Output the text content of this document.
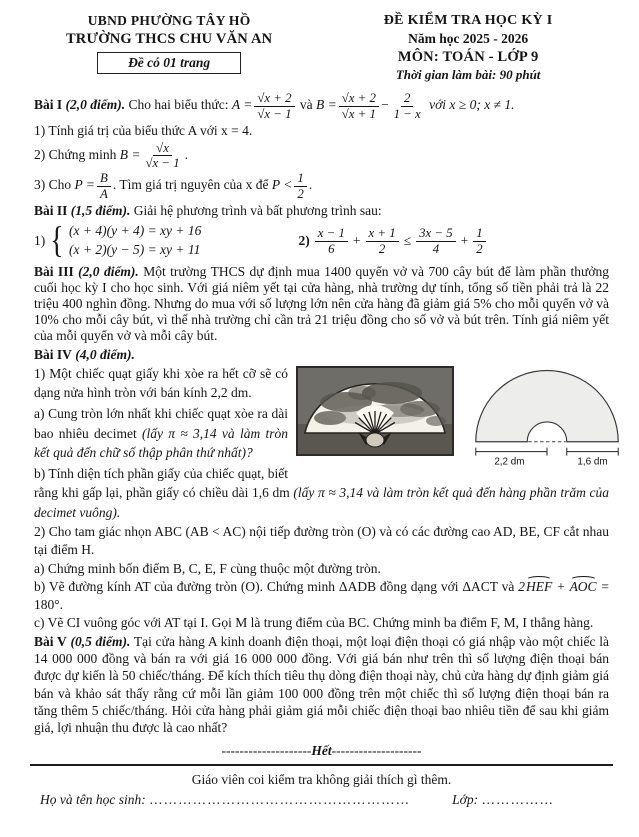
UBND PHƯỜNG TÂY HỒ
TRƯỜNG THCS CHU VĂN AN
Đề có 01 trang
ĐỀ KIỂM TRA HỌC KỲ I
Năm học 2025 - 2026
MÔN: TOÁN - LỚP 9
Thời gian làm bài: 90 phút

Bài I (2,0 điểm). Cho hai biểu thức: $A = \frac{√x + 2}{√x - 1}$ và $B = \frac{√x + 2}{√x + 1} - \frac{2}{1 - x}$ với x ≥ 0; x ≠ 1.

1) Tính giá trị của biểu thức A với x = 4.

2) Chứng minh $B = \frac{√x}{√x - 1}$ .

3) Cho $P = \frac{B}{A}$ . Tìm giá trị nguyên của x để $P < \frac{1}{2}$ .

Bài II (1,5 điểm). Giải hệ phương trình và bất phương trình sau:

1) { (x + 4)(y + 4) = xy + 16
(x + 2)(y − 5) = xy + 11
$2) \frac{x - 1}{6} + \frac{x + 1}{2} \le \frac{3x - 5}{4} + \frac{1}{2}$

Bài III (2,0 điểm). Một trường THCS dự định mua 1400 quyển vở và 700 cây bút để làm phần thưởng cuối học kỳ I cho học sinh. Với giá niêm yết tại cửa hàng, nhà trường dự tính, tổng số tiền phải trả là 22 triệu 400 nghìn đồng. Nhưng do mua với số lượng lớn nên cửa hàng đã giảm giá 5% cho mỗi quyển vở và 10% cho mỗi cây bút, vì thế nhà trường chỉ cần trả 21 triệu đồng cho số vở và bút trên. Tính giá niêm yết của mỗi quyển vở và mỗi cây bút.

Bài IV (4,0 điểm).

2,2 dm	1,6 dm

1) Một chiếc quạt giấy khi xòe ra hết cỡ sẽ có dạng nửa hình tròn với bán kính 2,2 dm.

a) Cung tròn lớn nhất khi chiếc quạt xòe ra dài bao nhiêu decimet (lấy π ≈ 3,14 và làm tròn kết quả đến chữ số thập phân thứ nhất)?

b) Tính diện tích phần giấy của chiếc quạt, biết rằng khi gấp lại, phần giấy có chiều dài 1,6 dm (lấy π ≈ 3,14 và làm tròn kết quả đến hàng phần trăm của decimet vuông).

2) Cho tam giác nhọn ABC (AB < AC) nội tiếp đường tròn (O) và có các đường cao AD, BE, CF cắt nhau tại điểm H.

a) Chứng minh bốn điểm B, C, E, F cùng thuộc một đường tròn.

b) Vẽ đường kính AT của đường tròn (O). Chứng minh ΔADB đồng dạng với ΔACT và 2HEF + AOC = 180°.

c) Vẽ CI vuông góc với AT tại I. Gọi M là trung điểm của BC. Chứng minh ba điểm F, M, I thẳng hàng.

Bài V (0,5 điểm). Tại cửa hàng A kinh doanh điện thoại, một loại điện thoại có giá nhập vào một chiếc là 14 000 000 đồng và bán ra với giá 16 000 000 đồng. Với giá bán như trên thì số lượng điện thoại bán được dự kiến là 50 chiếc/tháng. Để kích thích tiêu thụ dòng điện thoại này, chủ cửa hàng dự định giảm giá bán và khảo sát thấy rằng cứ mỗi lần giảm 100 000 đồng trên một chiếc thì số lượng điện thoại bán ra tăng thêm 5 chiếc/tháng. Hỏi cửa hàng phải giảm giá mỗi chiếc điện thoại bao nhiêu tiền để sau khi giảm giá, lợi nhuận thu được là cao nhất?

--------------------Hết--------------------
Giáo viên coi kiểm tra không giải thích gì thêm.
Họ và tên học sinh:
………………………………………………	Lớp:
……………
